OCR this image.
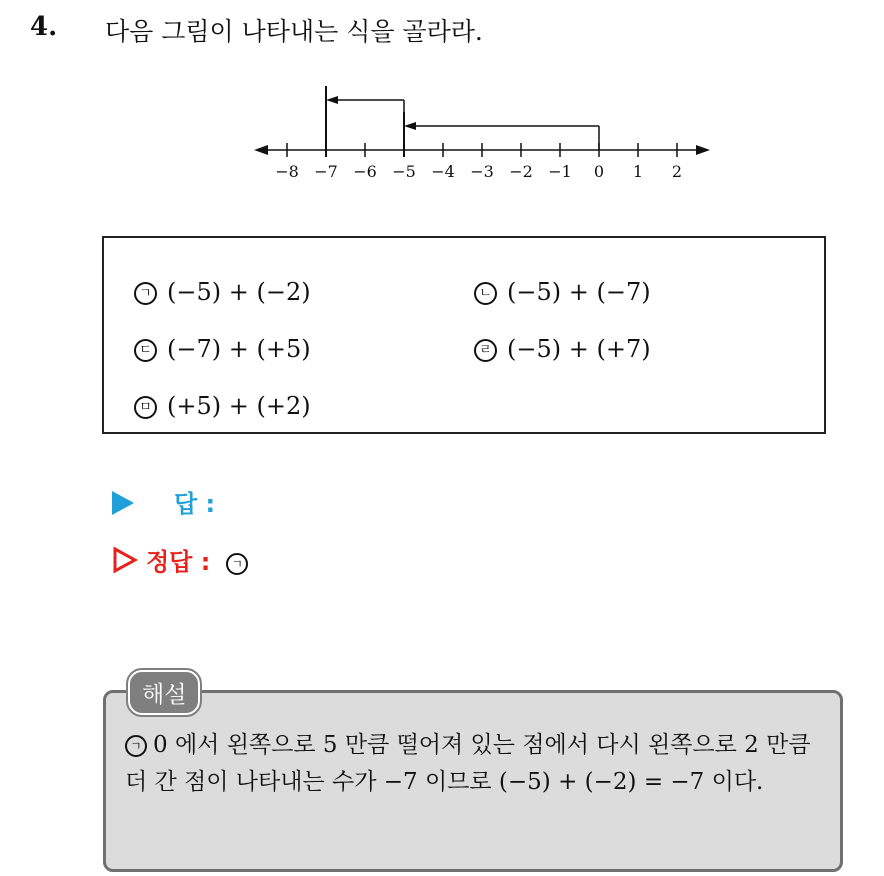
4. 다음 그림이 나타내는 식을 골라라.
−8 −7 −6 −5 −4 −3 −2 −1 0 1 2
ㄱ (−5) + (−2)	ㄴ (−5) + (−7)
ㄷ (−7) + (+5)	ㄹ (−5) + (+7)
ㅁ (+5) + (+2)
답 :
정답 : ㄱ
해설
ㄱ 0 에서 왼쪽으로 5 만큼 떨어져 있는 점에서 다시 왼쪽으로 2 만큼 더 간 점이 나타내는 수가 −7 이므로 (−5) + (−2) = −7 이다.
